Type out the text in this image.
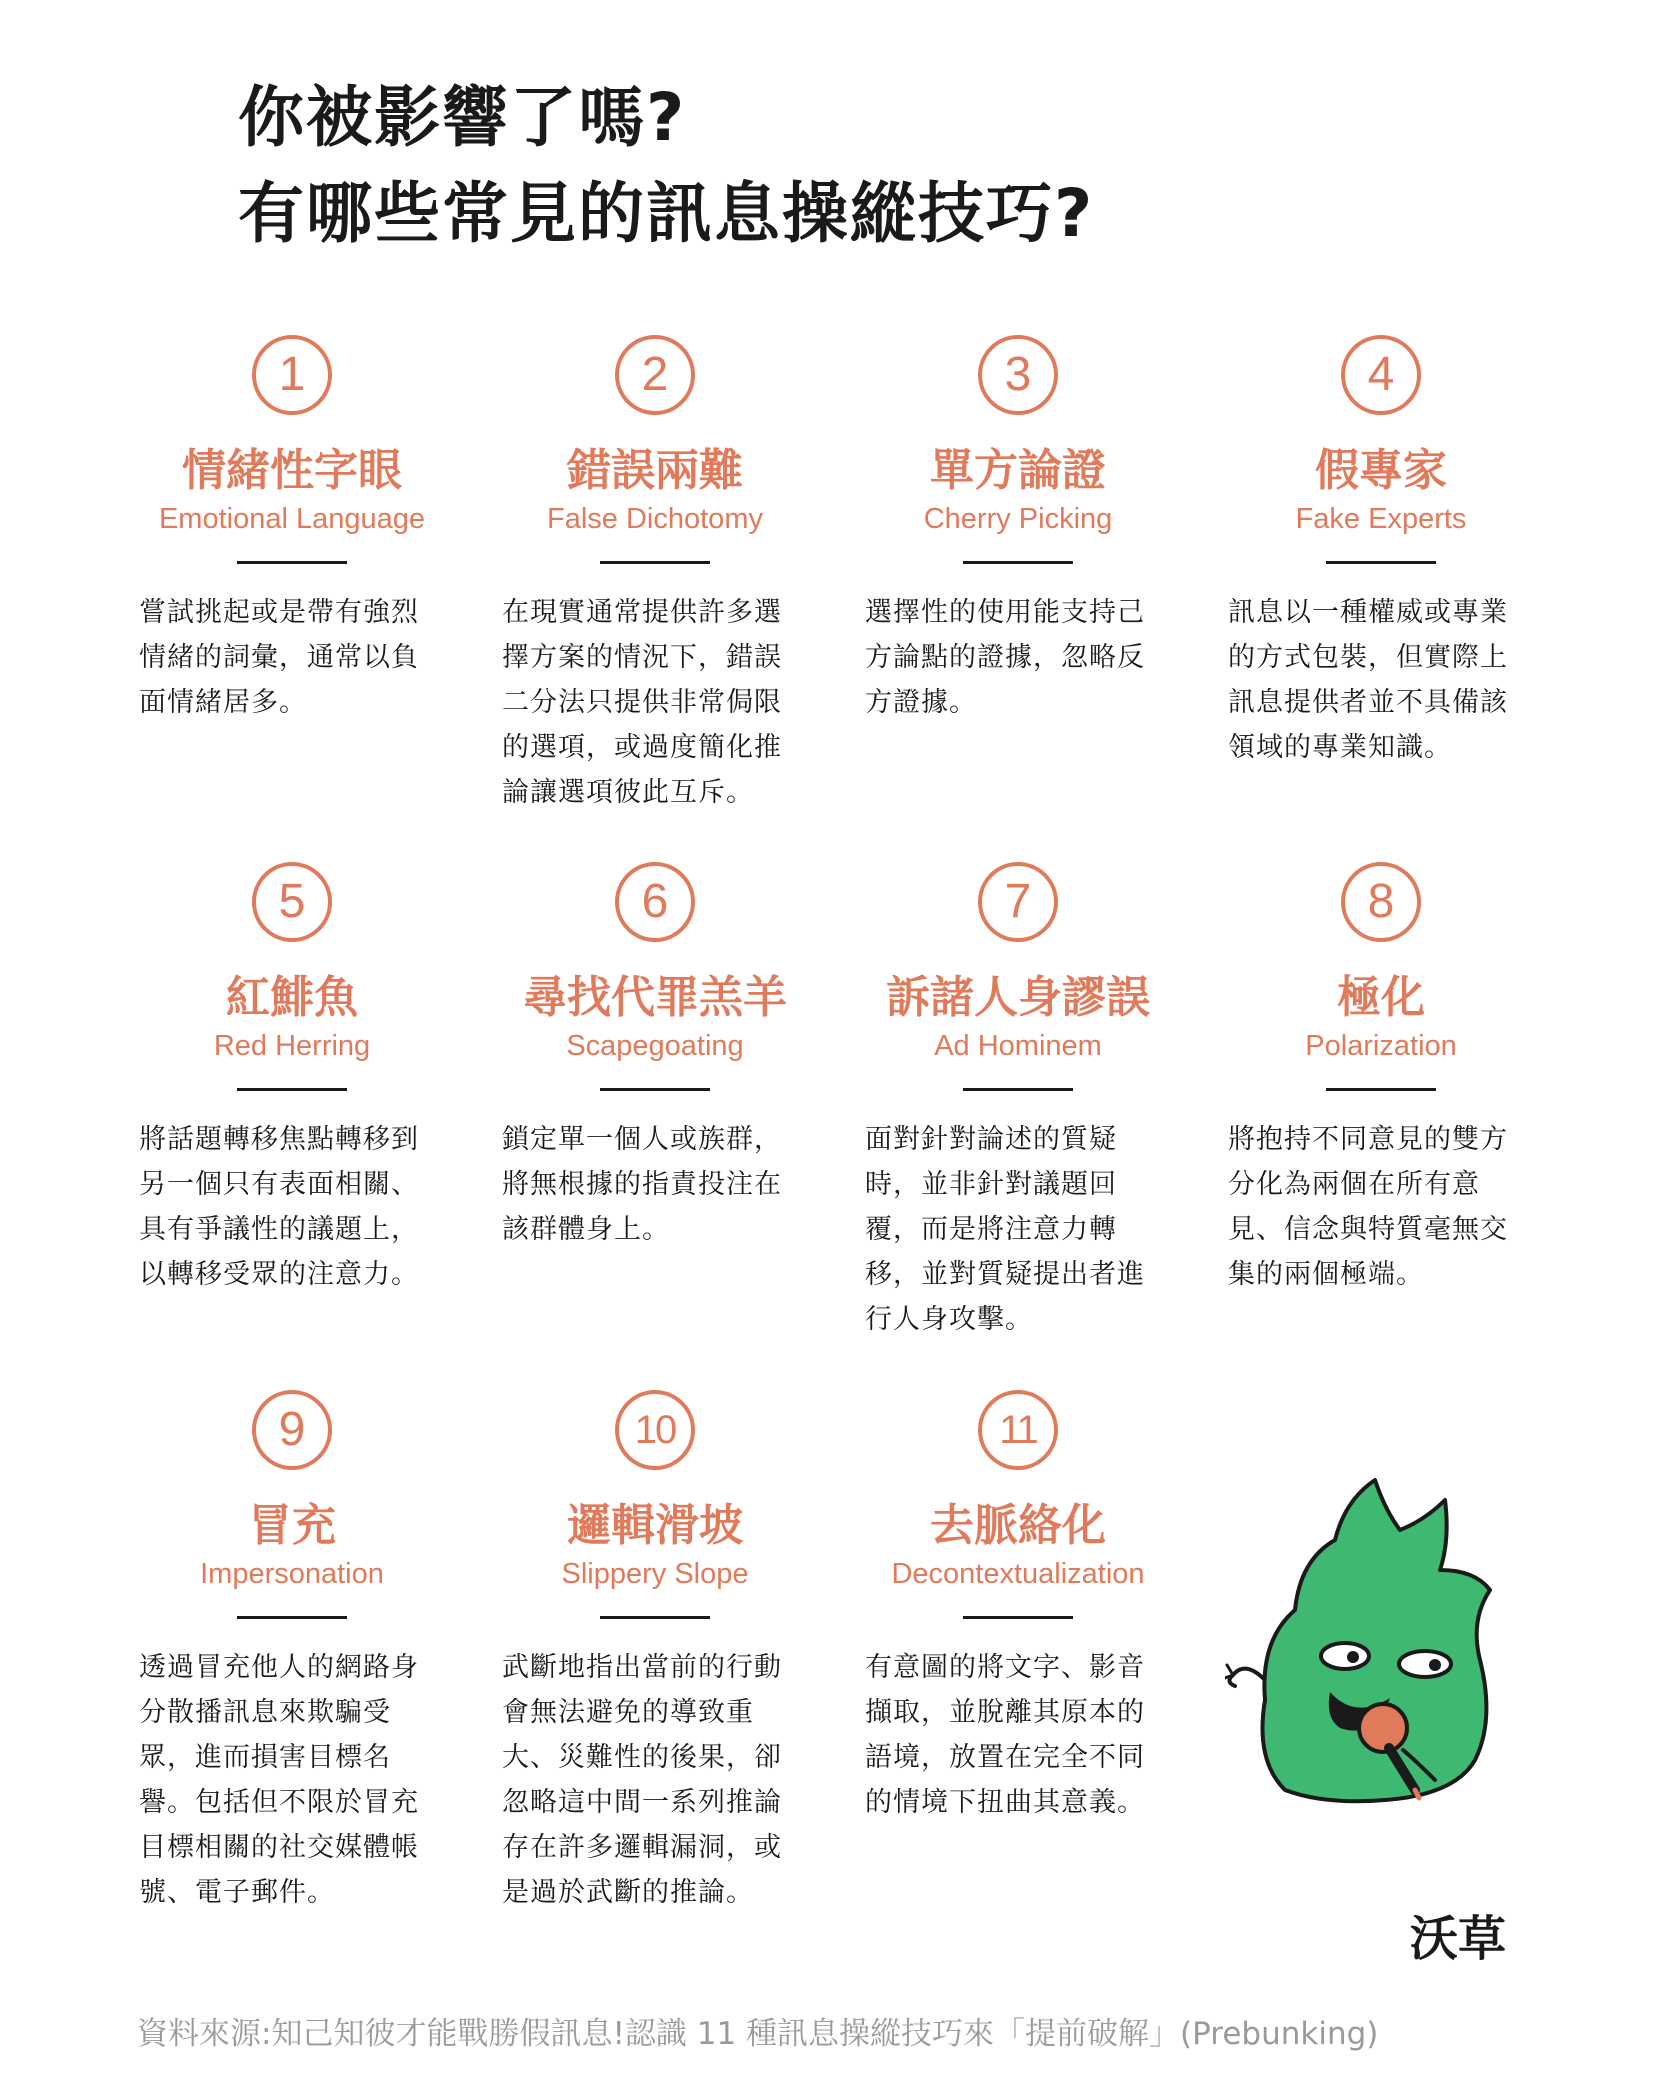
你被影響了嗎?
有哪些常見的訊息操縱技巧?
1
情緒性字眼
Emotional Language
嘗試挑起或是帶有強烈情緒的詞彙，通常以負面情緒居多。
2
錯誤兩難
False Dichotomy
在現實通常提供許多選擇方案的情況下，錯誤二分法只提供非常侷限的選項，或過度簡化推論讓選項彼此互斥。
3
單方論證
Cherry Picking
選擇性的使用能支持己方論點的證據，忽略反方證據。
4
假專家
Fake Experts
訊息以一種權威或專業的方式包裝，但實際上訊息提供者並不具備該領域的專業知識。
5
紅鯡魚
Red Herring
將話題轉移焦點轉移到另一個只有表面相關、具有爭議性的議題上，以轉移受眾的注意力。
6
尋找代罪羔羊
Scapegoating
鎖定單一個人或族群，將無根據的指責投注在該群體身上。
7
訴諸人身謬誤
Ad Hominem
面對針對論述的質疑時，並非針對議題回覆，而是將注意力轉移，並對質疑提出者進行人身攻擊。
8
極化
Polarization
將抱持不同意見的雙方分化為兩個在所有意見、信念與特質毫無交集的兩個極端。
9
冒充
Impersonation
透過冒充他人的網路身分散播訊息來欺騙受眾，進而損害目標名譽。包括但不限於冒充目標相關的社交媒體帳號、電子郵件。
10
邏輯滑坡
Slippery Slope
武斷地指出當前的行動會無法避免的導致重大、災難性的後果，卻忽略這中間一系列推論存在許多邏輯漏洞，或是過於武斷的推論。
11
去脈絡化
Decontextualization
有意圖的將文字、影音擷取，並脫離其原本的語境，放置在完全不同的情境下扭曲其意義。
沃草
資料來源:知己知彼才能戰勝假訊息!認識 11 種訊息操縱技巧來「提前破解」(Prebunking)
